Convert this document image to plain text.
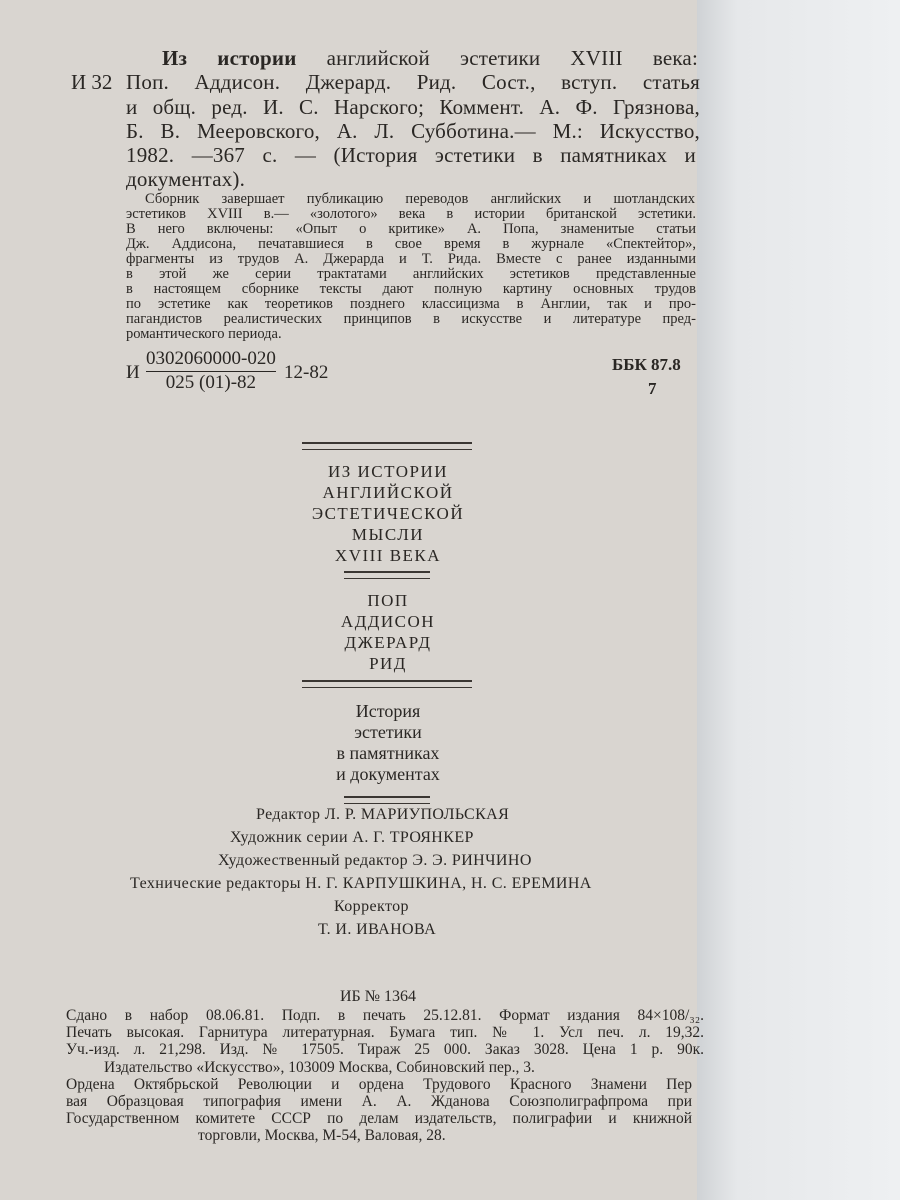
Из истории английской эстетики XVIII века:
И 32 Поп. Аддисон. Джерард. Рид. Сост., вступ. статья
и общ. ред. И. С. Нарского; Коммент. А. Ф. Грязнова,
Б. В. Мееровского, А. Л. Субботина.— М.: Искусство,
1982. —367 с. — (История эстетики в памятниках и
документах).
Сборник завершает публикацию переводов английских и шотландских
эстетиков XVIII в.— «золотого» века в истории британской эстетики.
В него включены: «Опыт о критике» А. Попа, знаменитые статьи
Дж. Аддисона, печатавшиеся в свое время в журнале «Спектейтор»,
фрагменты из трудов А. Джерарда и Т. Рида. Вместе с ранее изданными
в этой же серии трактатами английских эстетиков представленные
в настоящем сборнике тексты дают полную картину основных трудов
по эстетике как теоретиков позднего классицизма в Англии, так и про-
пагандистов реалистических принципов в искусстве и литературе пред-
романтического периода.
И $\frac{0302060000-020}{025 (01)-82} 12-82$	ББК 87.8
7
ИЗ ИСТОРИИ
АНГЛИЙСКОЙ
ЭСТЕТИЧЕСКОЙ
МЫСЛИ
XVIII ВЕКА
ПОП
АДДИСОН
ДЖЕРАРД
РИД
История
эстетики
в памятниках
и документах
Редактор Л. Р. МАРИУПОЛЬСКАЯ
Художник серии А. Г. ТРОЯНКЕР
Художественный редактор Э. Э. РИНЧИНО
Технические редакторы Н. Г. КАРПУШКИНА, Н. С. ЕРЕМИНА
Корректор
Т. И. ИВАНОВА
ИБ № 1364
Сдано в набор 08.06.81. Подп. в печать 25.12.81. Формат издания 84×108/₃₂.
Печать высокая. Гарнитура литературная. Бумага тип. № 1. Усл печ. л. 19,32.
Уч.-изд. л. 21,298. Изд. № 17505. Тираж 25 000. Заказ 3028. Цена 1 р. 90к.
Издательство «Искусство», 103009 Москва, Собиновский пер., 3.
Ордена Октябрьской Революции и ордена Трудового Красного Знамени Пер
вая Образцовая типография имени А. А. Жданова Союзполиграфпрома при
Государственном комитете СССР по делам издательств, полиграфии и книжной
торговли, Москва, М-54, Валовая, 28.
